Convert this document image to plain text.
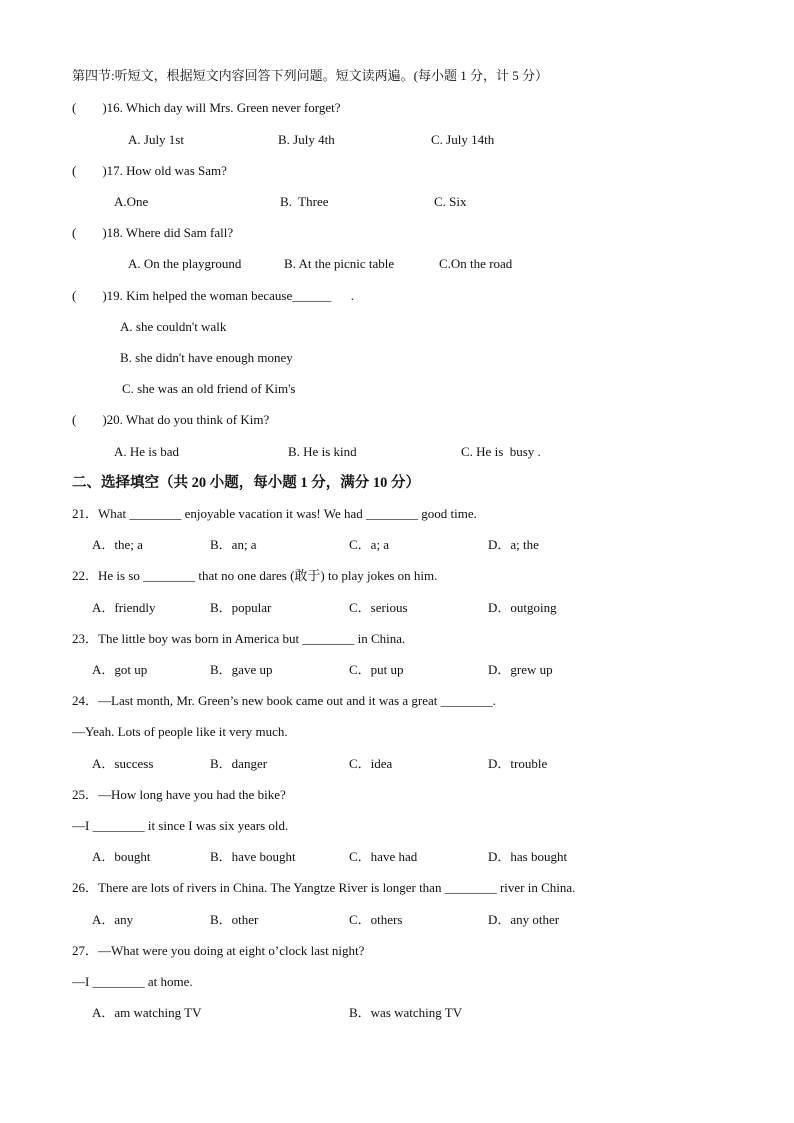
第四节:听短文，根据短文内容回答下列问题。短文读两遍。(每小题 1 分，计 5 分）
(        )16. Which day will Mrs. Green never forget?
A. July 1st	B. July 4th	C. July 14th
(        )17. How old was Sam?
A.One	B.  Three	C. Six
(        )18. Where did Sam fall?
A. On the playground	B. At the picnic table	C.On the road
(        )19. Kim helped the woman because______      .
A. she couldn't walk
B. she didn't have enough money
C. she was an old friend of Kim's
(        )20. What do you think of Kim?
A. He is bad	B. He is kind	C. He is  busy .
二、选择填空（共 20 小题，每小题 1 分，满分 10 分）
21．What ________ enjoyable vacation it was! We had ________ good time.
A．the; a	B．an; a	C．a; a	D．a; the
22．He is so ________ that no one dares (敢于) to play jokes on him.
A．friendly	B．popular	C．serious	D．outgoing
23．The little boy was born in America but ________ in China.
A．got up	B．gave up	C．put up	D．grew up
24．—Last month, Mr. Green’s new book came out and it was a great ________.
—Yeah. Lots of people like it very much.
A．success	B．danger	C．idea	D．trouble
25．—How long have you had the bike?
—I ________ it since I was six years old.
A．bought	B．have bought	C．have had	D．has bought
26．There are lots of rivers in China. The Yangtze River is longer than ________ river in China.
A．any	B．other	C．others	D．any other
27．—What were you doing at eight o’clock last night?
—I ________ at home.
A．am watching TV	B．was watching TV
